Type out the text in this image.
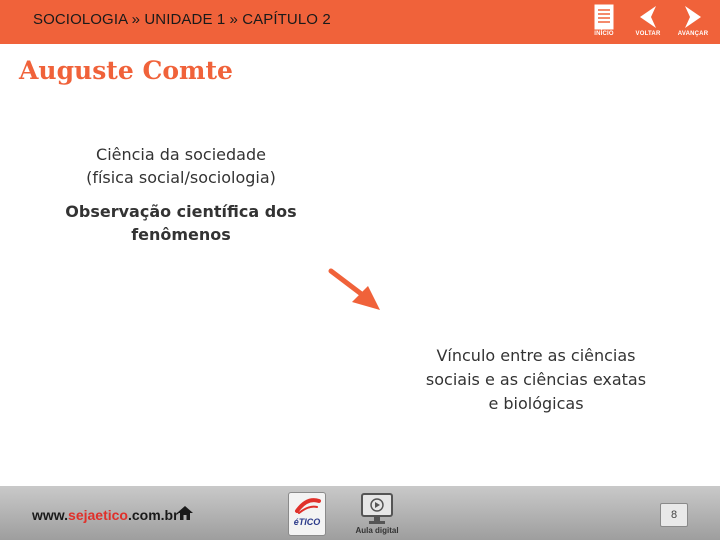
SOCIOLOGIA » UNIDADE 1 » CAPÍTULO 2
INÍCIO	VOLTAR	AVANÇAR
Auguste Comte
Ciência da sociedade
(física social/sociologia)
Observação científica dos
fenômenos
Vínculo entre as ciências
sociais e as ciências exatas
e biológicas
www.sejaetico.com.br	éTICO
Aula digital
8
